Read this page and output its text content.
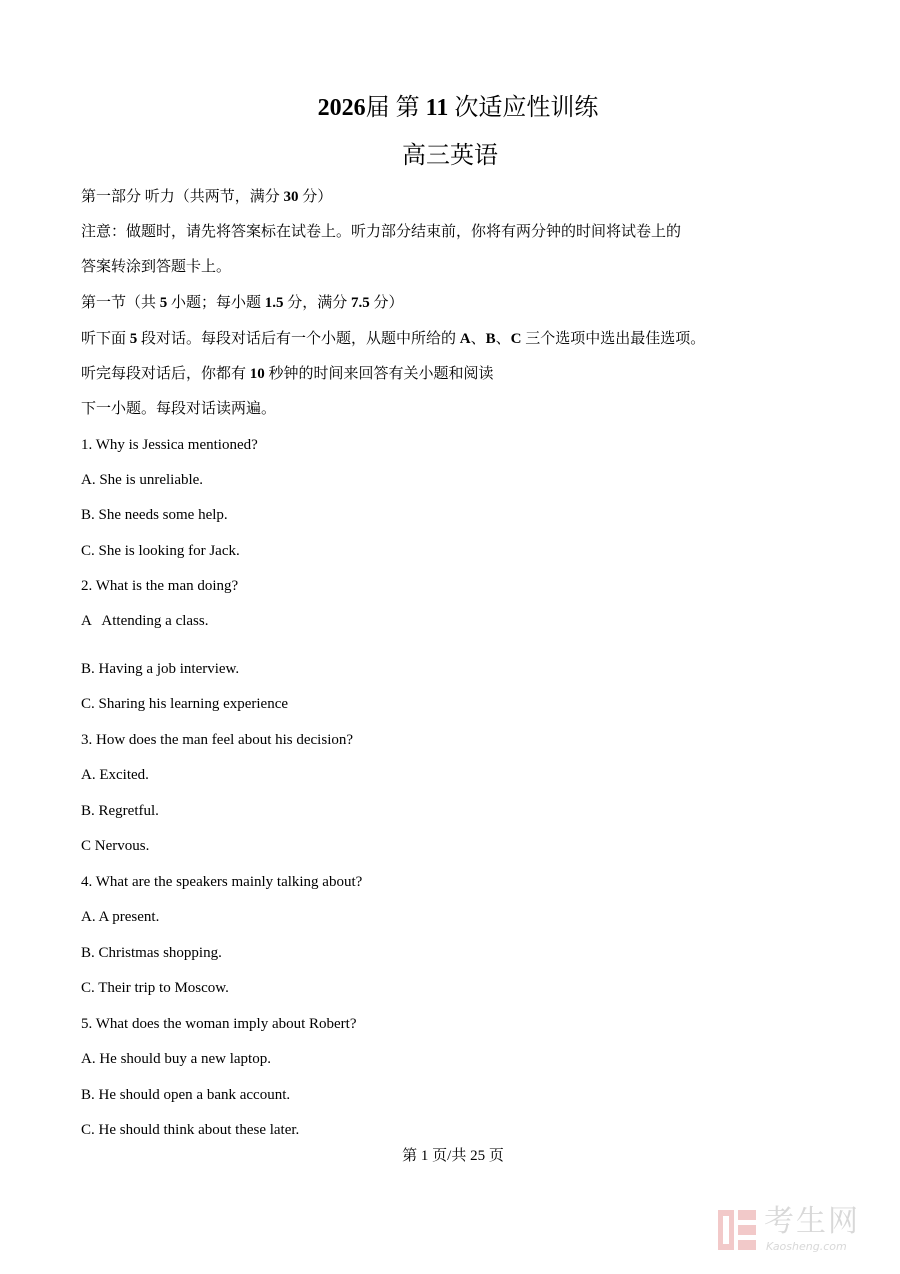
2026届 第 11 次适应性训练
高三英语
第一部分 听力（共两节，满分 30 分）
注意：做题时，请先将答案标在试卷上。听力部分结束前，你将有两分钟的时间将试卷上的
答案转涂到答题卡上。
第一节（共 5 小题；每小题 1.5 分，满分 7.5 分）
听下面 5 段对话。每段对话后有一个小题，从题中所给的 A、B、C 三个选项中选出最佳选项。
听完每段对话后，你都有 10 秒钟的时间来回答有关小题和阅读
下一小题。每段对话读两遍。
1. Why is Jessica mentioned?
A. She is unreliable.
B. She needs some help.
C. She is looking for Jack.
2. What is the man doing?
A   Attending a class.
B. Having a job interview.
C. Sharing his learning experience
3. How does the man feel about his decision?
A. Excited.
B. Regretful.
C Nervous.
4. What are the speakers mainly talking about?
A. A present.
B. Christmas shopping.
C. Their trip to Moscow.
5. What does the woman imply about Robert?
A. He should buy a new laptop.
B. He should open a bank account.
C. He should think about these later.
第 1 页/共 25 页
考生网
Kaosheng.com
